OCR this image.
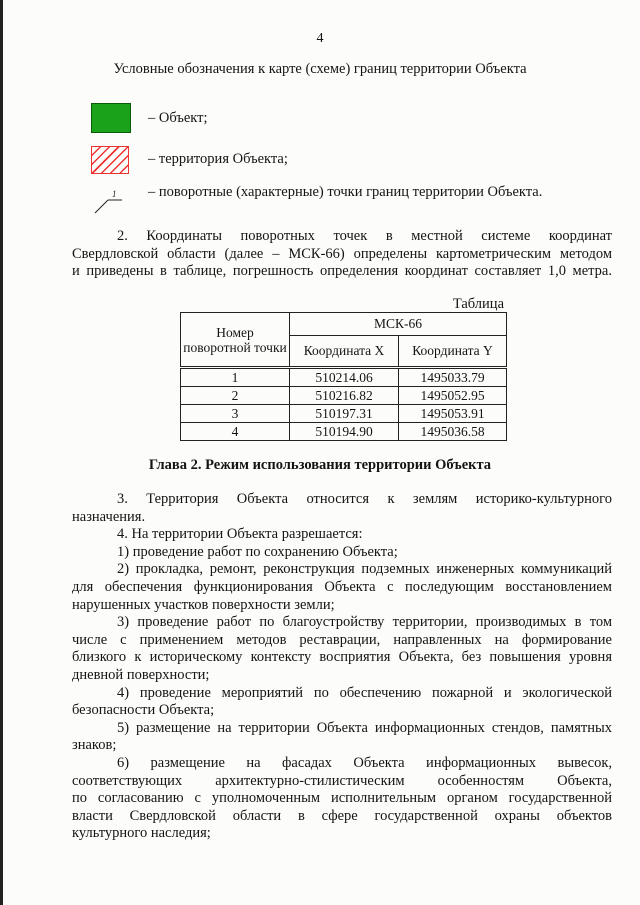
4
Условные обозначения к карте (схеме) границ территории Объекта
– Объект;
– территория Объекта;
1 – поворотные (характерные) точки границ территории Объекта.
2. Координаты поворотных точек в местной системе координат
Свердловской области (далее – МСК-66) определены картометрическим методом
и приведены в таблице, погрешность определения координат составляет 1,0 метра.
Таблица
Номер поворотной точки	МСК-66	
	Координата X	Координата Y
1	510214.06	1495033.79
2	510216.82	1495052.95
3	510197.31	1495053.91
4	510194.90	1495036.58
Глава 2. Режим использования территории Объекта
3. Территория Объекта относится к землям историко-культурного
назначения.
4. На территории Объекта разрешается:
1) проведение работ по сохранению Объекта;
2) прокладка, ремонт, реконструкция подземных инженерных коммуникаций
для обеспечения функционирования Объекта с последующим восстановлением
нарушенных участков поверхности земли;
3) проведение работ по благоустройству территории, производимых в том
числе с применением методов реставрации, направленных на формирование
близкого к историческому контексту восприятия Объекта, без повышения уровня
дневной поверхности;
4) проведение мероприятий по обеспечению пожарной и экологической
безопасности Объекта;
5) размещение на территории Объекта информационных стендов, памятных
знаков;
6) размещение на фасадах Объекта информационных вывесок,
соответствующих архитектурно-стилистическим особенностям Объекта,
по согласованию с уполномоченным исполнительным органом государственной
власти Свердловской области в сфере государственной охраны объектов
культурного наследия;
